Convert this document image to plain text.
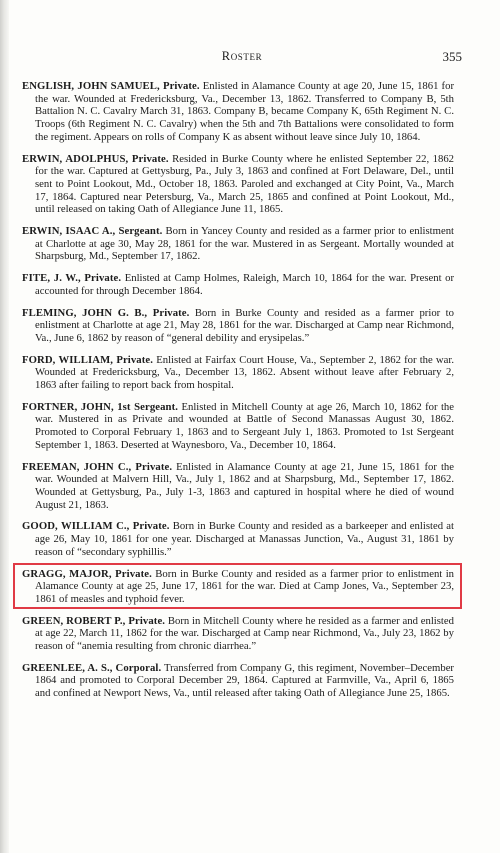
Roster	355

ENGLISH, JOHN SAMUEL, Private. Enlisted in Alamance County at age 20, June 15, 1861 for the war. Wounded at Fredericksburg, Va., December 13, 1862. Transferred to Company B, 5th Battalion N. C. Cavalry March 31, 1863. Company B, became Company K, 65th Regiment N. C. Troops (6th Regiment N. C. Cavalry) when the 5th and 7th Battalions were consolidated to form the regiment. Appears on rolls of Company K as absent without leave since July 10, 1864.

ERWIN, ADOLPHUS, Private. Resided in Burke County where he enlisted September 22, 1862 for the war. Captured at Gettysburg, Pa., July 3, 1863 and confined at Fort Delaware, Del., until sent to Point Lookout, Md., October 18, 1863. Paroled and exchanged at City Point, Va., March 17, 1864. Captured near Petersburg, Va., March 25, 1865 and confined at Point Lookout, Md., until released on taking Oath of Allegiance June 11, 1865.

ERWIN, ISAAC A., Sergeant. Born in Yancey County and resided as a farmer prior to enlistment at Charlotte at age 30, May 28, 1861 for the war. Mustered in as Sergeant. Mortally wounded at Sharpsburg, Md., September 17, 1862.

FITE, J. W., Private. Enlisted at Camp Holmes, Raleigh, March 10, 1864 for the war. Present or accounted for through December 1864.

FLEMING, JOHN G. B., Private. Born in Burke County and resided as a farmer prior to enlistment at Charlotte at age 21, May 28, 1861 for the war. Discharged at Camp near Richmond, Va., June 6, 1862 by reason of “general debility and erysipelas.”

FORD, WILLIAM, Private. Enlisted at Fairfax Court House, Va., September 2, 1862 for the war. Wounded at Fredericksburg, Va., December 13, 1862. Absent without leave after February 2, 1863 after failing to report back from hospital.

FORTNER, JOHN, 1st Sergeant. Enlisted in Mitchell County at age 26, March 10, 1862 for the war. Mustered in as Private and wounded at Battle of Second Manassas August 30, 1862. Promoted to Corporal February 1, 1863 and to Sergeant July 1, 1863. Promoted to 1st Sergeant September 1, 1863. Deserted at Waynesboro, Va., December 10, 1864.

FREEMAN, JOHN C., Private. Enlisted in Alamance County at age 21, June 15, 1861 for the war. Wounded at Malvern Hill, Va., July 1, 1862 and at Sharpsburg, Md., September 17, 1862. Wounded at Gettysburg, Pa., July 1-3, 1863 and captured in hospital where he died of wound August 21, 1863.

GOOD, WILLIAM C., Private. Born in Burke County and resided as a barkeeper and enlisted at age 26, May 10, 1861 for one year. Discharged at Manassas Junction, Va., August 31, 1861 by reason of “secondary syphillis.”

GRAGG, MAJOR, Private. Born in Burke County and resided as a farmer prior to enlistment in Alamance County at age 25, June 17, 1861 for the war. Died at Camp Jones, Va., September 23, 1861 of measles and typhoid fever.

GREEN, ROBERT P., Private. Born in Mitchell County where he resided as a farmer and enlisted at age 22, March 11, 1862 for the war. Discharged at Camp near Richmond, Va., July 23, 1862 by reason of “anemia resulting from chronic diarrhea.”

GREENLEE, A. S., Corporal. Transferred from Company G, this regiment, November–December 1864 and promoted to Corporal December 29, 1864. Captured at Farmville, Va., April 6, 1865 and confined at Newport News, Va., until released after taking Oath of Allegiance June 25, 1865.
